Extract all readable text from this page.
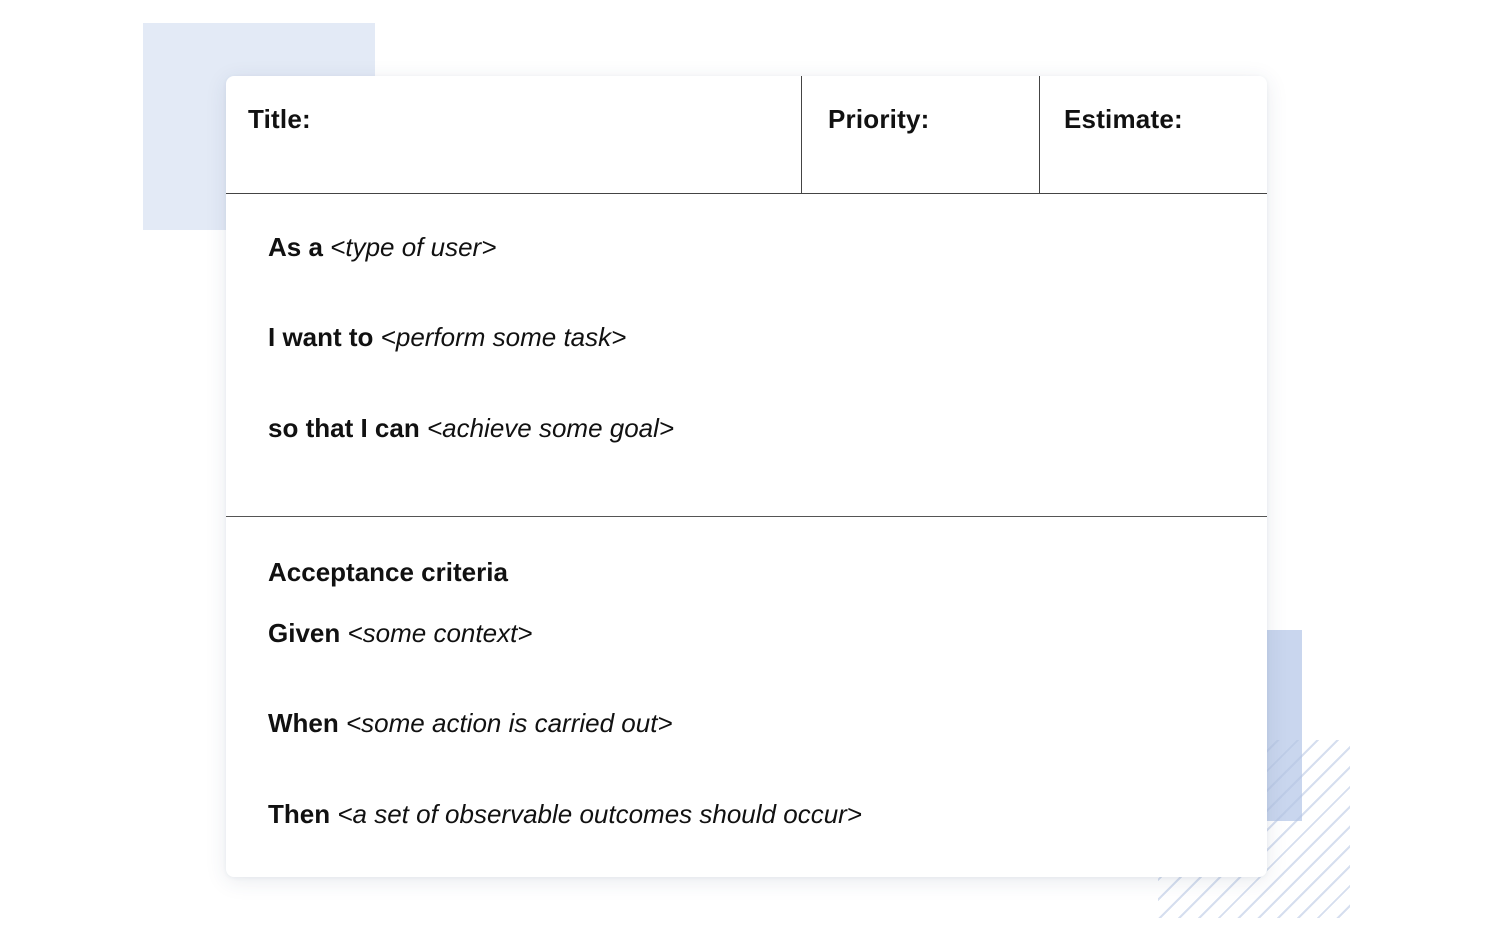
Title:	Priority:	Estimate:
As a <type of user>
I want to <perform some task>
so that I can <achieve some goal>
Acceptance criteria
Given <some context>
When <some action is carried out>
Then <a set of observable outcomes should occur>
